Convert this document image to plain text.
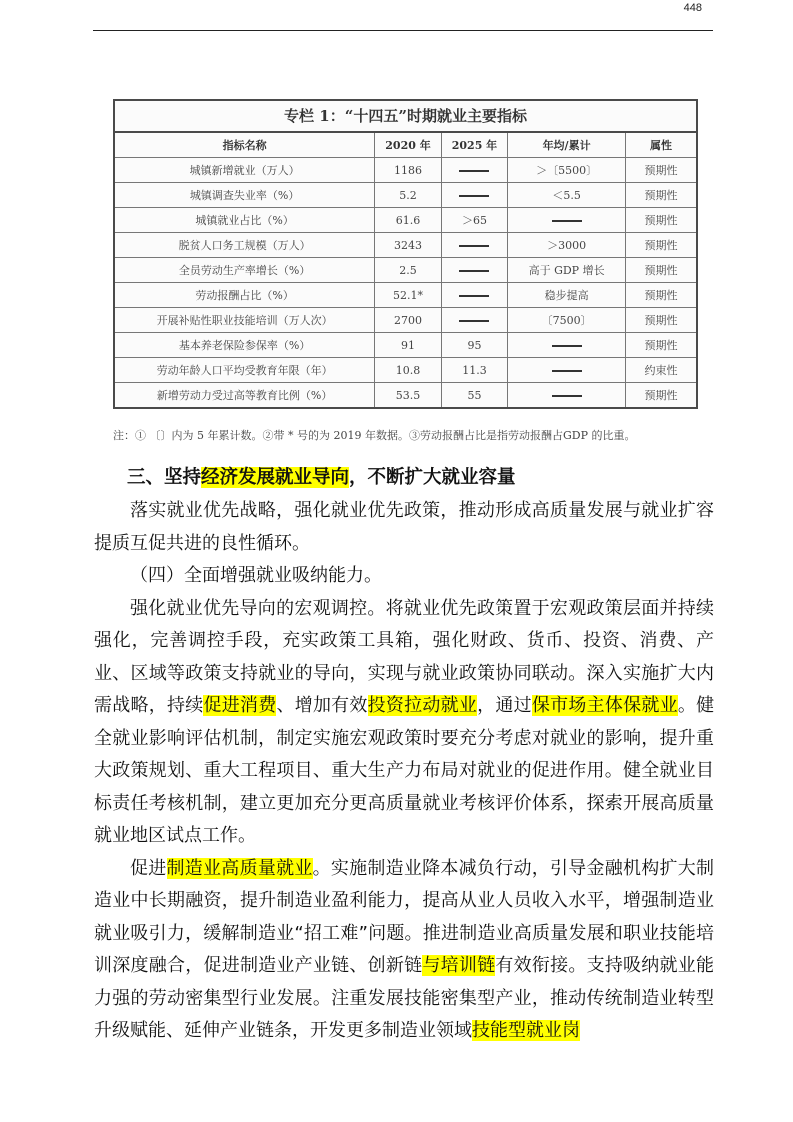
448
专栏 1：“十四五”时期就业主要指标
指标名称	2020 年	2025 年	年均/累计	属性
城镇新增就业（万人）	1186		＞〔5500〕	预期性
城镇调查失业率（%）	5.2		＜5.5	预期性
城镇就业占比（%）	61.6	＞65		预期性
脱贫人口务工规模（万人）	3243		＞3000	预期性
全员劳动生产率增长（%）	2.5		高于 GDP 增长	预期性
劳动报酬占比（%）	52.1*		稳步提高	预期性
开展补贴性职业技能培训（万人次）	2700		〔7500〕	预期性
基本养老保险参保率（%）	91	95		预期性
劳动年龄人口平均受教育年限（年）	10.8	11.3		约束性
新增劳动力受过高等教育比例（%）	53.5	55		预期性
注：① 〔〕内为 5 年累计数。②带 * 号的为 2019 年数据。③劳动报酬占比是指劳动报酬占GDP 的比重。
三、坚持经济发展就业导向，不断扩大就业容量

落实就业优先战略，强化就业优先政策，推动形成高质量发展与就业扩容提质互促共进的良性循环。

（四）全面增强就业吸纳能力。

强化就业优先导向的宏观调控。将就业优先政策置于宏观政策层面并持续强化，完善调控手段，充实政策工具箱，强化财政、货币、投资、消费、产业、区域等政策支持就业的导向，实现与就业政策协同联动。深入实施扩大内需战略，持续促进消费、增加有效投资拉动就业，通过保市场主体保就业。健全就业影响评估机制，制定实施宏观政策时要充分考虑对就业的影响，提升重大政策规划、重大工程项目、重大生产力布局对就业的促进作用。健全就业目标责任考核机制，建立更加充分更高质量就业考核评价体系，探索开展高质量就业地区试点工作。

促进制造业高质量就业。实施制造业降本减负行动，引导金融机构扩大制造业中长期融资，提升制造业盈利能力，提高从业人员收入水平，增强制造业就业吸引力，缓解制造业“招工难”问题。推进制造业高质量发展和职业技能培训深度融合，促进制造业产业链、创新链与培训链有效衔接。支持吸纳就业能力强的劳动密集型行业发展。注重发展技能密集型产业，推动传统制造业转型升级赋能、延伸产业链条，开发更多制造业领域技能型就业岗
